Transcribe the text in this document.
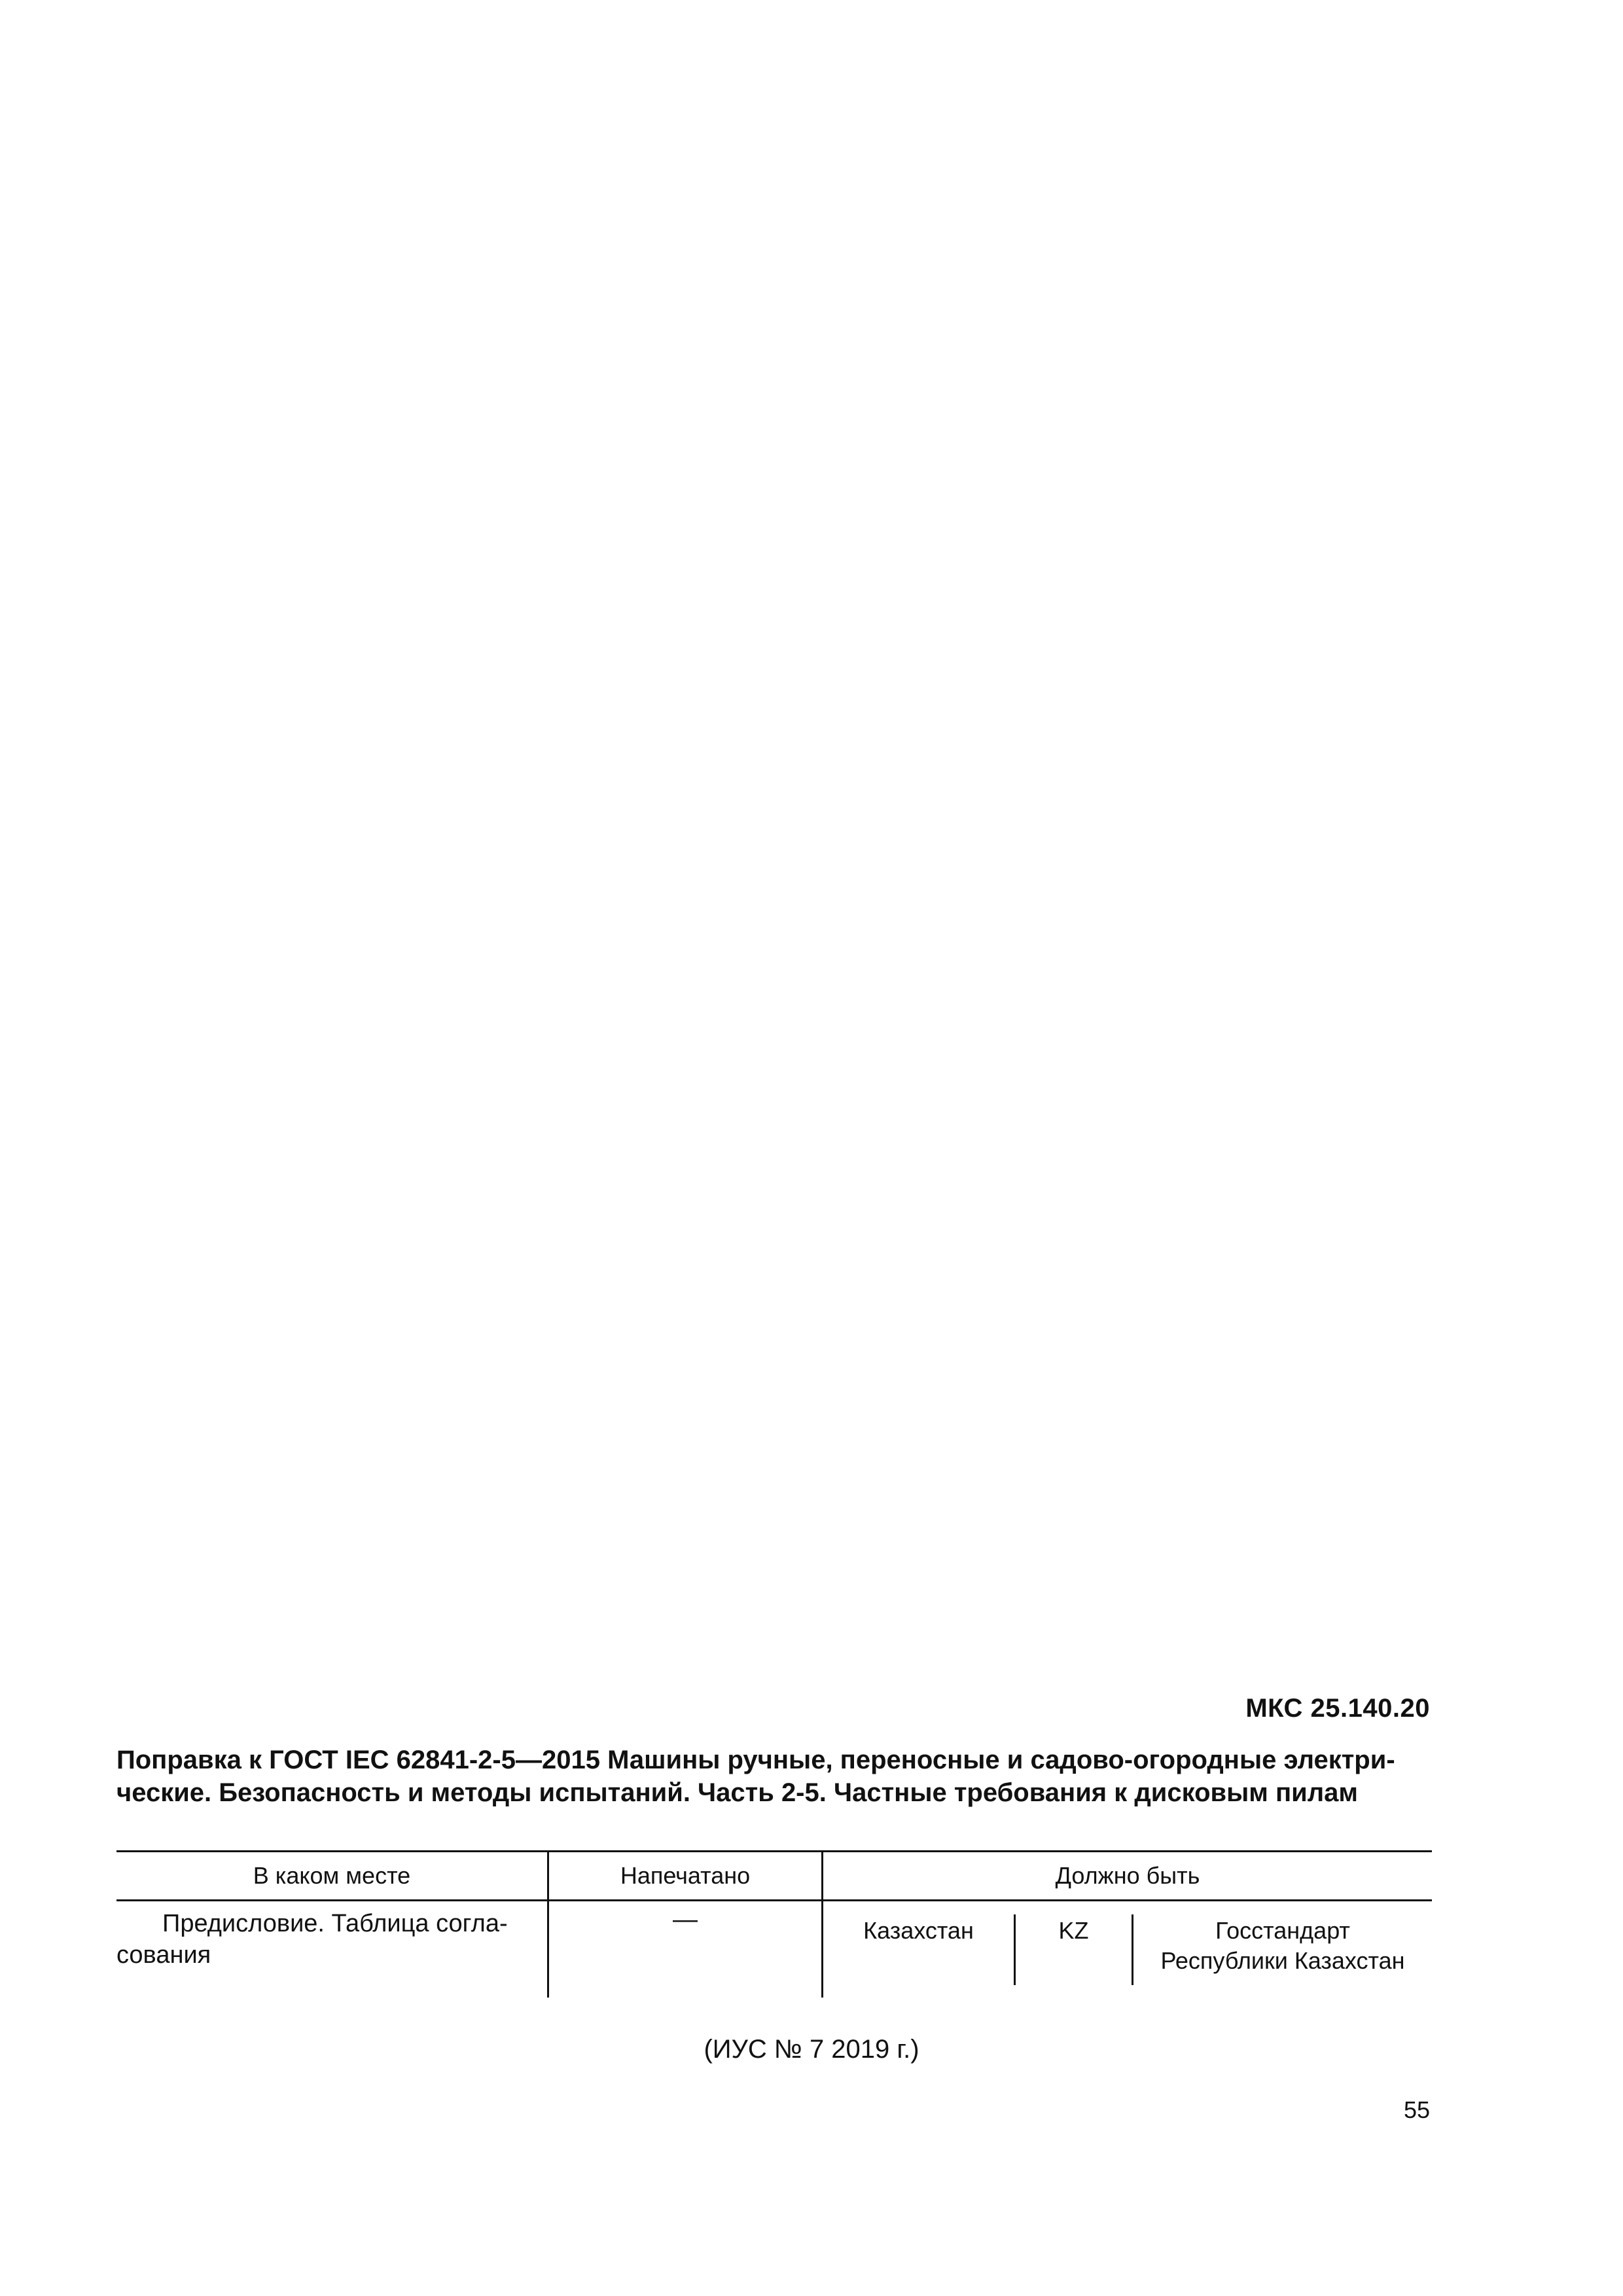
МКС 25.140.20
Поправка к ГОСТ IEC 62841-2-5—2015 Машины ручные, переносные и садово-огородные электри-
ческие. Безопасность и методы испытаний. Часть 2-5. Частные требования к дисковым пилам
В каком месте	Напечатано	Должно быть
Предисловие. Таблица согла-
сования
—	Казахстан	KZ	Госстандарт
Республики Казахстан
(ИУС № 7 2019 г.)
55
